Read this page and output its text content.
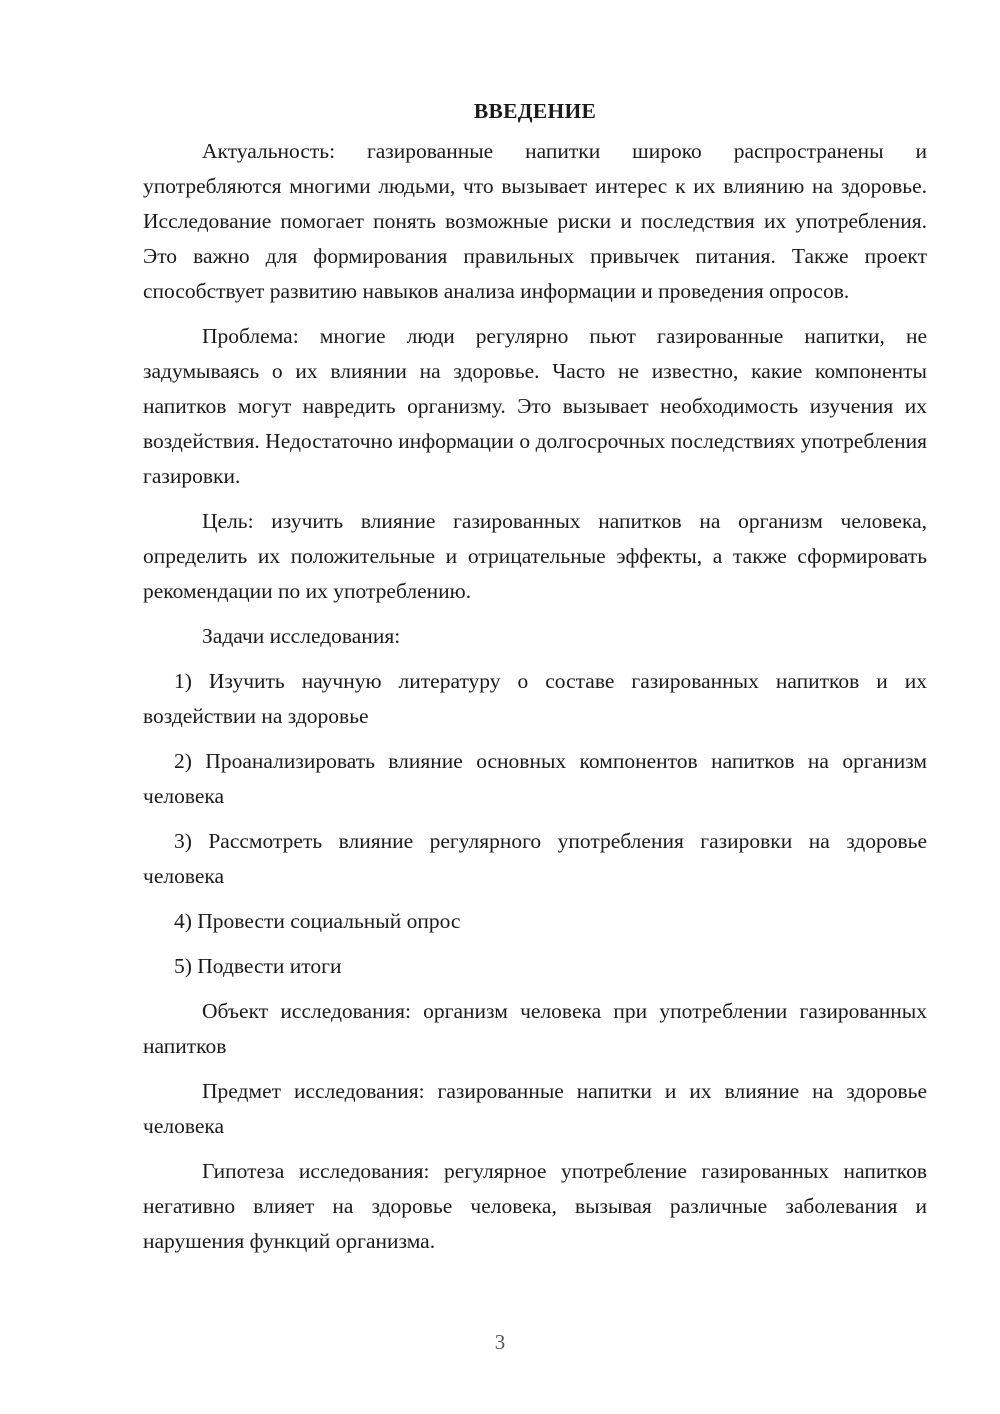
ВВЕДЕНИЕ

Актуальность: газированные напитки широко распространены и употребляются многими людьми, что вызывает интерес к их влиянию на здоровье. Исследование помогает понять возможные риски и последствия их употребления. Это важно для формирования правильных привычек питания. Также проект способствует развитию навыков анализа информации и проведения опросов.

Проблема: многие люди регулярно пьют газированные напитки, не задумываясь о их влиянии на здоровье. Часто не известно, какие компоненты напитков могут навредить организму. Это вызывает необходимость изучения их воздействия. Недостаточно информации о долгосрочных последствиях употребления газировки.

Цель: изучить влияние газированных напитков на организм человека, определить их положительные и отрицательные эффекты, а также сформировать рекомендации по их употреблению.

Задачи исследования:

1) Изучить научную литературу о составе газированных напитков и их воздействии на здоровье

2) Проанализировать влияние основных компонентов напитков на организм человека

3) Рассмотреть влияние регулярного употребления газировки на здоровье человека

4) Провести социальный опрос

5) Подвести итоги

Объект исследования: организм человека при употреблении газированных напитков

Предмет исследования: газированные напитки и их влияние на здоровье человека

Гипотеза исследования: регулярное употребление газированных напитков негативно влияет на здоровье человека, вызывая различные заболевания и нарушения функций организма.

3
